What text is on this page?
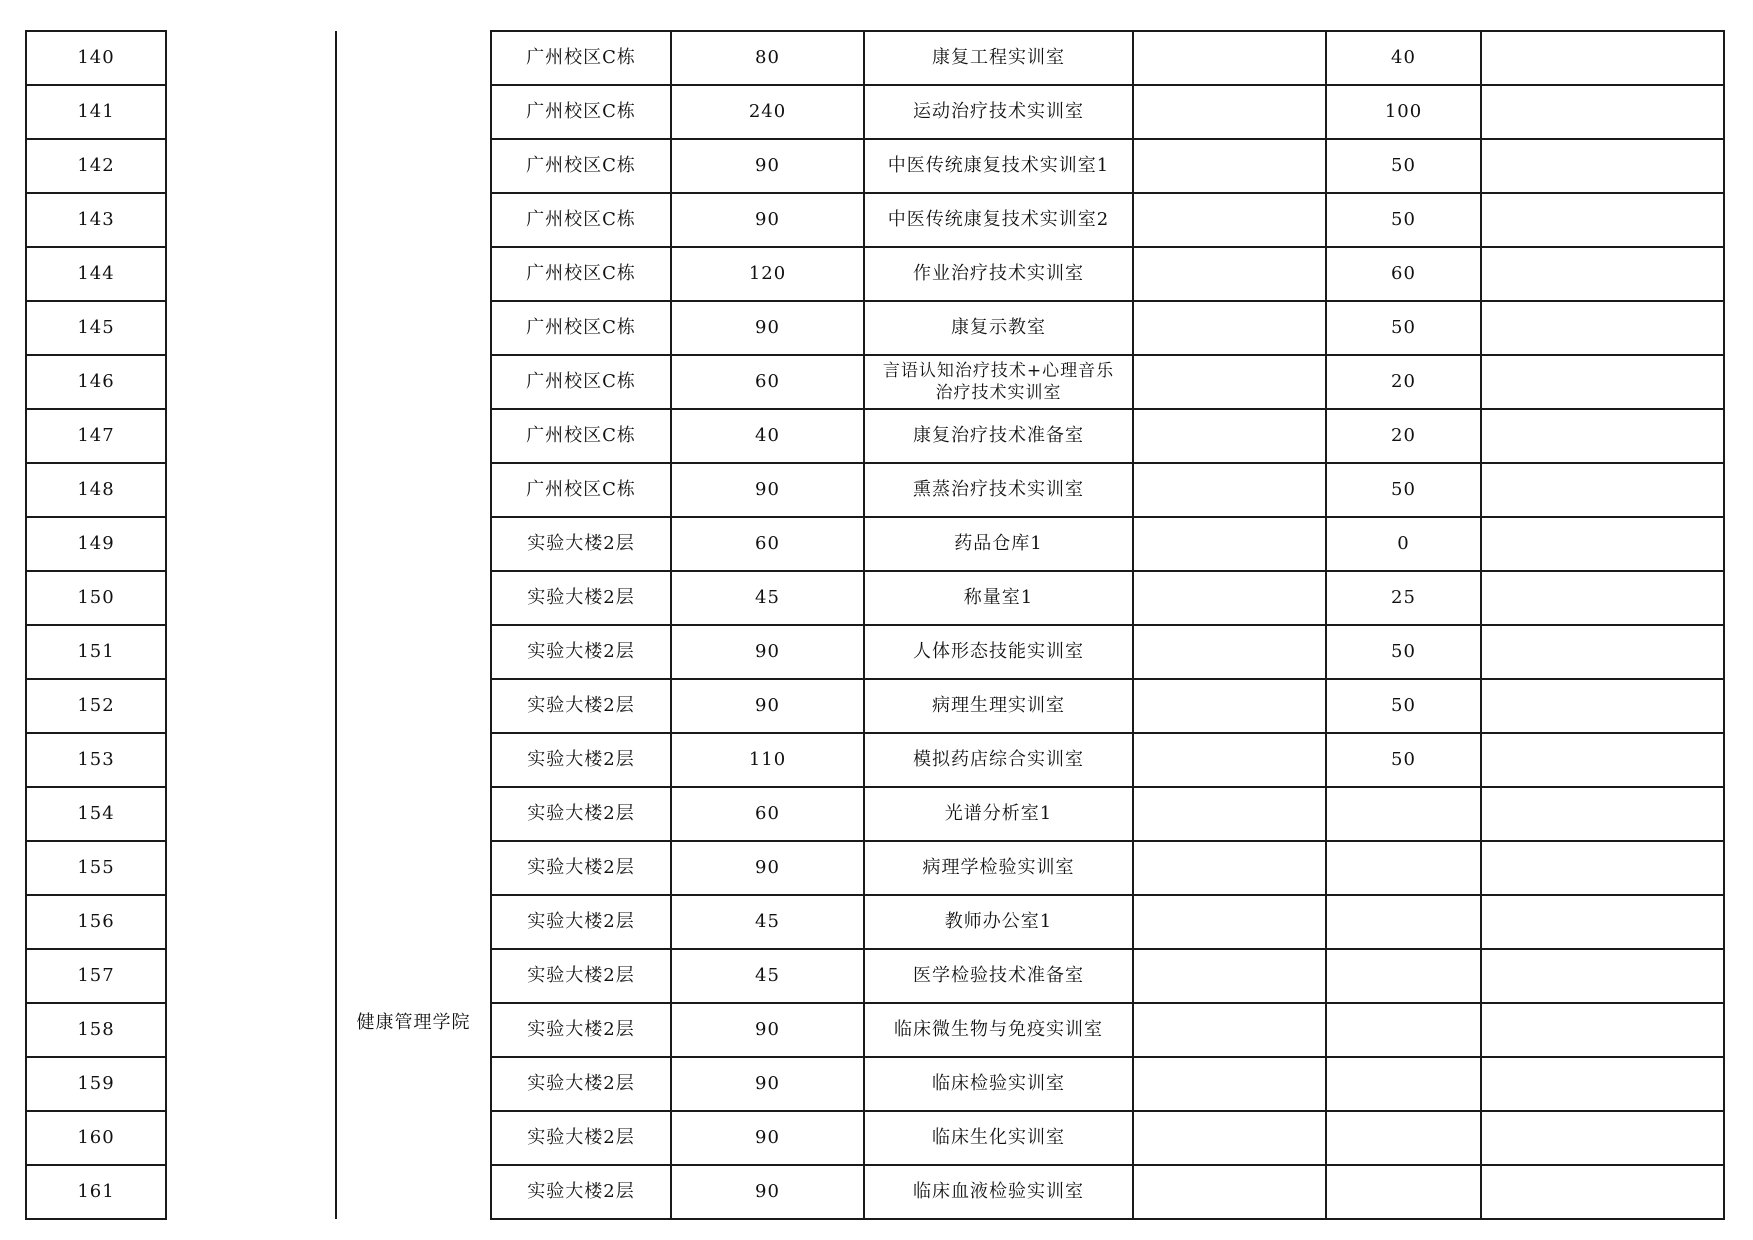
140		健康管理学院	广州校区C栋	80	康复工程实训室		40	

141			广州校区C栋	240	运动治疗技术实训室		100	

142			广州校区C栋	90	中医传统康复技术实训室1		50	

143			广州校区C栋	90	中医传统康复技术实训室2		50	

144			广州校区C栋	120	作业治疗技术实训室		60	

145			广州校区C栋	90	康复示教室		50	

146			广州校区C栋	60	言语认知治疗技术+心理音乐
治疗技术实训室		20	

147			广州校区C栋	40	康复治疗技术准备室		20	

148			广州校区C栋	90	熏蒸治疗技术实训室		50	

149			实验大楼2层	60	药品仓库1		0	

150			实验大楼2层	45	称量室1		25	

151			实验大楼2层	90	人体形态技能实训室		50	

152			实验大楼2层	90	病理生理实训室		50	

153			实验大楼2层	110	模拟药店综合实训室		50	

154			实验大楼2层	60	光谱分析室1			

155			实验大楼2层	90	病理学检验实训室			

156			实验大楼2层	45	教师办公室1			

157			实验大楼2层	45	医学检验技术准备室			

158			实验大楼2层	90	临床微生物与免疫实训室			

159			实验大楼2层	90	临床检验实训室			

160			实验大楼2层	90	临床生化实训室			

161			实验大楼2层	90	临床血液检验实训室			
